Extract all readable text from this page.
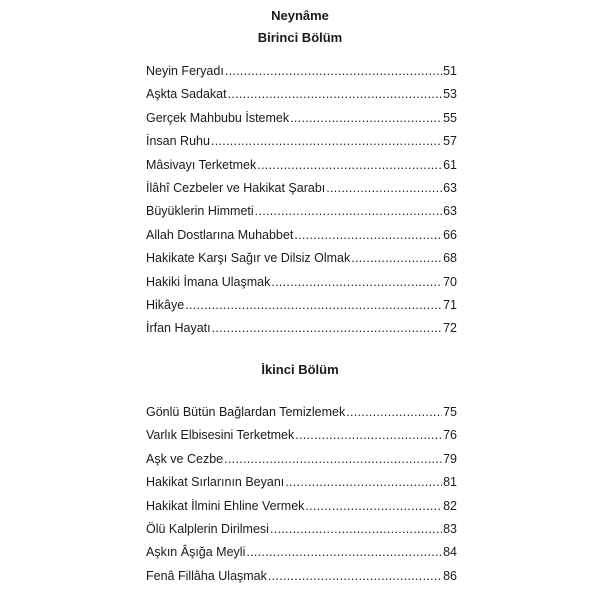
Neynâme
Birinci Bölüm
Neyin Feryadı .....	51
Aşkta Sadakat .....	53
Gerçek Mahbubu İstemek .....	55
İnsan Ruhu .....	57
Mâsivayı Terketmek .....	61
İlâhî Cezbeler ve Hakikat Şarabı .....	63
Büyüklerin Himmeti .....	63
Allah Dostlarına Muhabbet .....	66
Hakikate Karşı Sağır ve Dilsiz Olmak .....	68
Hakiki İmana Ulaşmak .....	70
Hikâye .....	71
İrfan Hayatı .....	72
İkinci Bölüm
Gönlü Bütün Bağlardan Temizlemek .....	75
Varlık Elbisesini Terketmek .....	76
Aşk ve Cezbe .....	79
Hakikat Sırlarının Beyanı .....	81
Hakikat İlmini Ehline Vermek .....	82
Ölü Kalplerin Dirilmesi .....	83
Aşkın Âşığa Meyli .....	84
Fenâ Fillâha Ulaşmak .....	86
